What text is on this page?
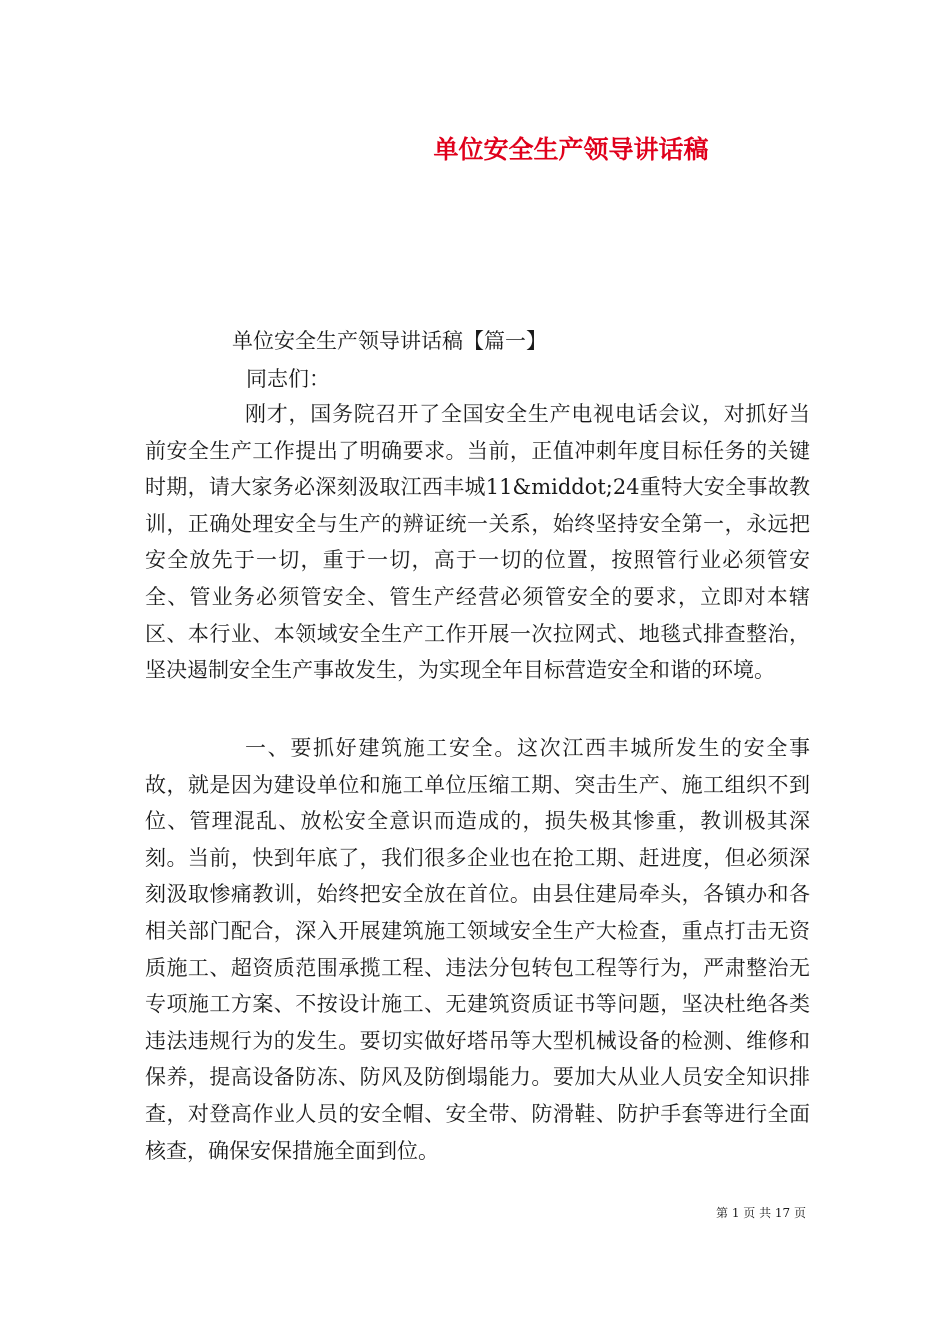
单位安全生产领导讲话稿
单位安全生产领导讲话稿【篇一】
同志们：

刚才，国务院召开了全国安全生产电视电话会议，对抓好当前安全生产工作提出了明确要求。当前，正值冲刺年度目标任务的关键时期，请大家务必深刻汲取江西丰城11&middot;24重特大安全事故教训，正确处理安全与生产的辨证统一关系，始终坚持安全第一，永远把安全放先于一切，重于一切，高于一切的位置，按照管行业必须管安全、管业务必须管安全、管生产经营必须管安全的要求，立即对本辖区、本行业、本领域安全生产工作开展一次拉网式、地毯式排查整治，坚决遏制安全生产事故发生，为实现全年目标营造安全和谐的环境。

一、要抓好建筑施工安全。这次江西丰城所发生的安全事故，就是因为建设单位和施工单位压缩工期、突击生产、施工组织不到位、管理混乱、放松安全意识而造成的，损失极其惨重，教训极其深刻。当前，快到年底了，我们很多企业也在抢工期、赶进度，但必须深刻汲取惨痛教训，始终把安全放在首位。由县住建局牵头，各镇办和各相关部门配合，深入开展建筑施工领域安全生产大检查，重点打击无资质施工、超资质范围承揽工程、违法分包转包工程等行为，严肃整治无专项施工方案、不按设计施工、无建筑资质证书等问题，坚决杜绝各类违法违规行为的发生。要切实做好塔吊等大型机械设备的检测、维修和保养，提高设备防冻、防风及防倒塌能力。要加大从业人员安全知识排查，对登高作业人员的安全帽、安全带、防滑鞋、防护手套等进行全面核查，确保安保措施全面到位。

第 1 页 共 17 页
